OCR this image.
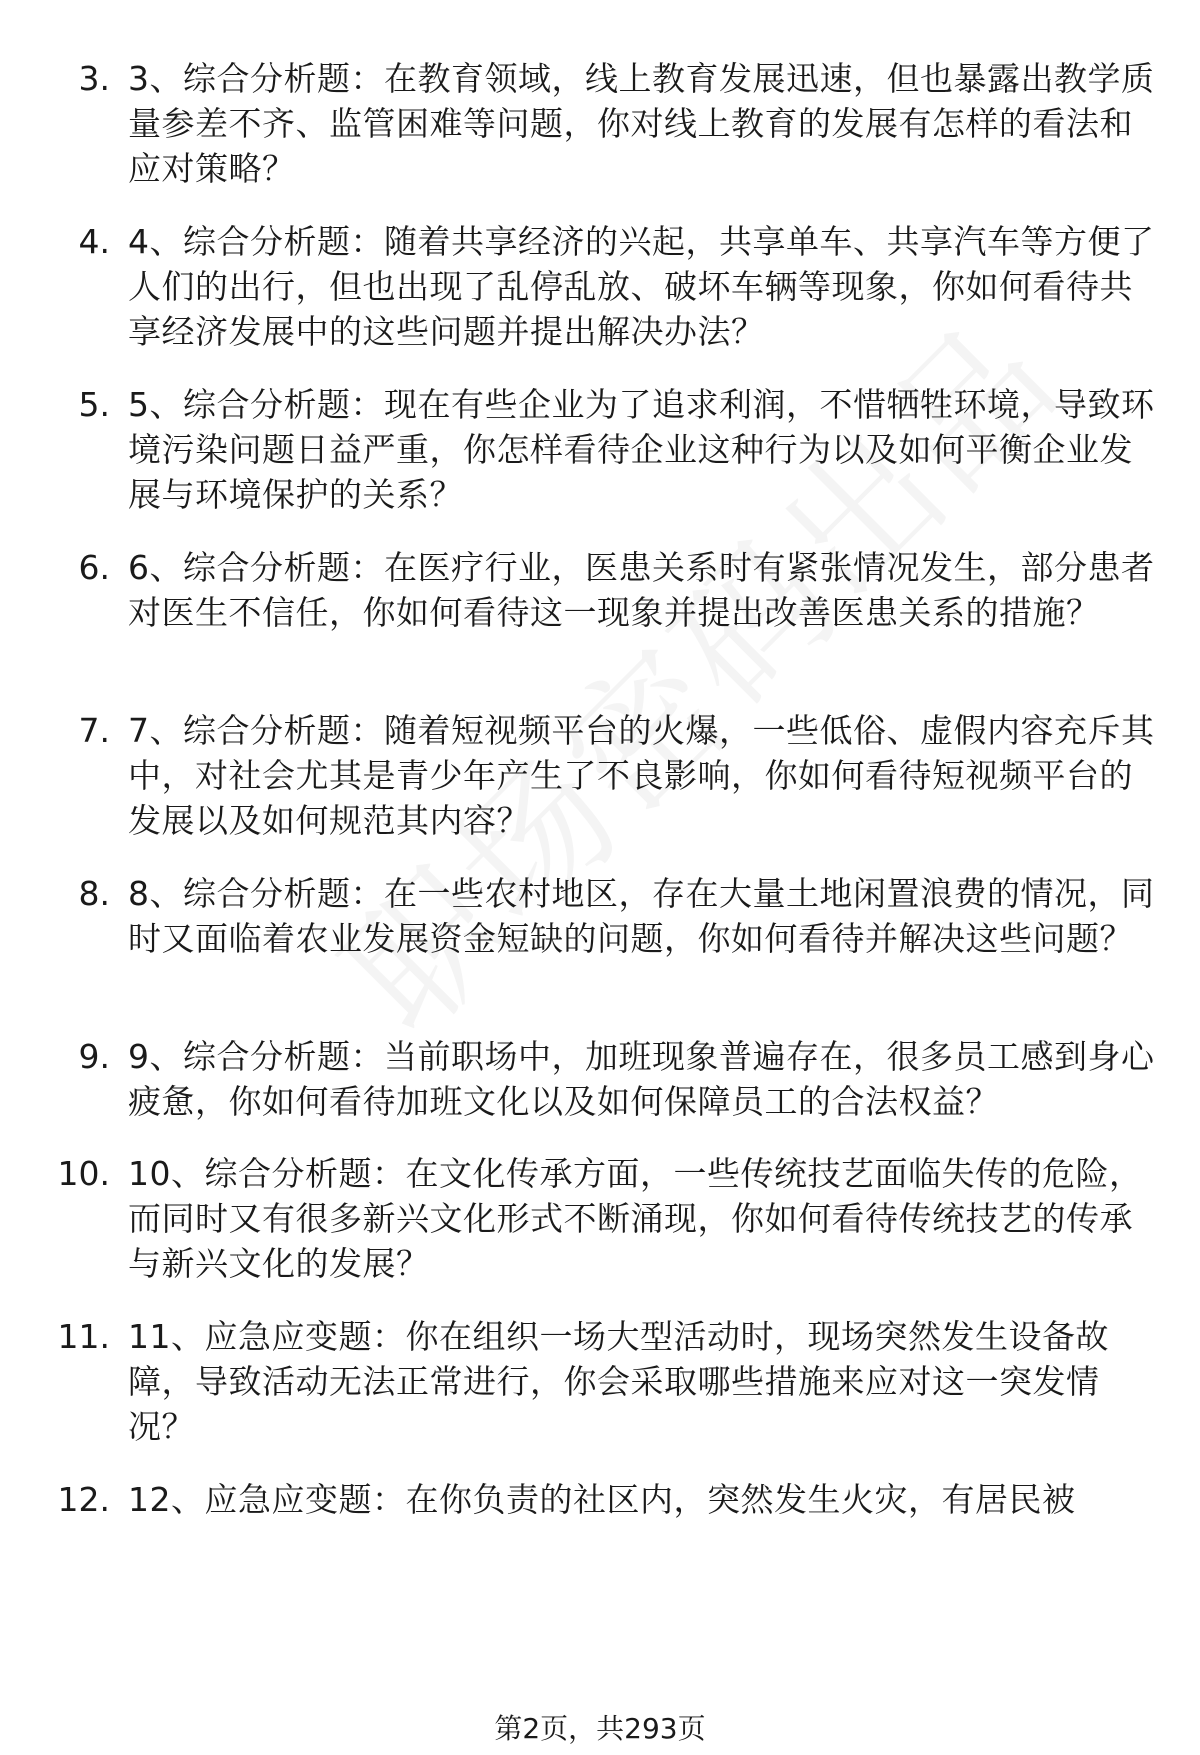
3. 3、综合分析题：在教育领域，线上教育发展迅速，但也暴露出教学质量参差不齐、监管困难等问题，你对线上教育的发展有怎样的看法和应对策略？
4. 4、综合分析题：随着共享经济的兴起，共享单车、共享汽车等方便了人们的出行，但也出现了乱停乱放、破坏车辆等现象，你如何看待共享经济发展中的这些问题并提出解决办法？
5. 5、综合分析题：现在有些企业为了追求利润，不惜牺牲环境，导致环境污染问题日益严重，你怎样看待企业这种行为以及如何平衡企业发展与环境保护的关系？
6. 6、综合分析题：在医疗行业，医患关系时有紧张情况发生，部分患者对医生不信任，你如何看待这一现象并提出改善医患关系的措施？
7. 7、综合分析题：随着短视频平台的火爆，一些低俗、虚假内容充斥其中，对社会尤其是青少年产生了不良影响，你如何看待短视频平台的发展以及如何规范其内容？
8. 8、综合分析题：在一些农村地区，存在大量土地闲置浪费的情况，同时又面临着农业发展资金短缺的问题，你如何看待并解决这些问题？
9. 9、综合分析题：当前职场中，加班现象普遍存在，很多员工感到身心疲惫，你如何看待加班文化以及如何保障员工的合法权益？
10. 10、综合分析题：在文化传承方面，一些传统技艺面临失传的危险，而同时又有很多新兴文化形式不断涌现，你如何看待传统技艺的传承与新兴文化的发展？
11. 11、应急应变题：你在组织一场大型活动时，现场突然发生设备故障，导致活动无法正常进行，你会采取哪些措施来应对这一突发情况？
12. 12、应急应变题：在你负责的社区内，突然发生火灾，有居民被
第2页，共293页
